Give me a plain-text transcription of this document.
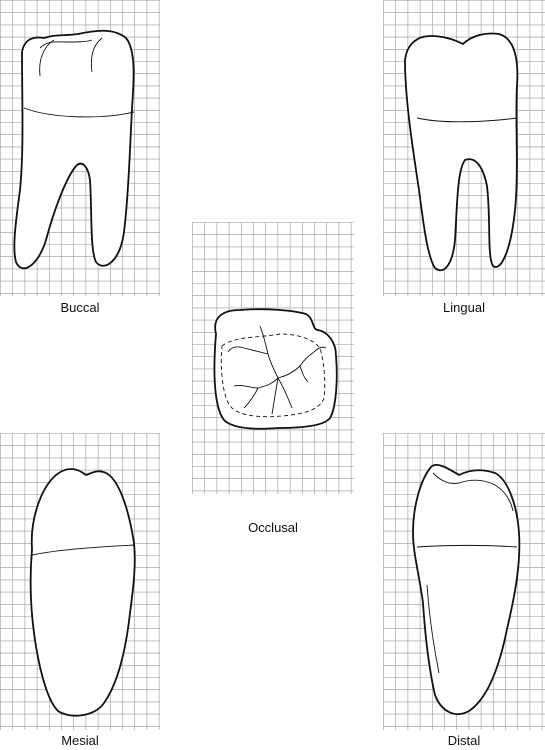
Buccal	Lingual
Occlusal
Mesial	Distal
